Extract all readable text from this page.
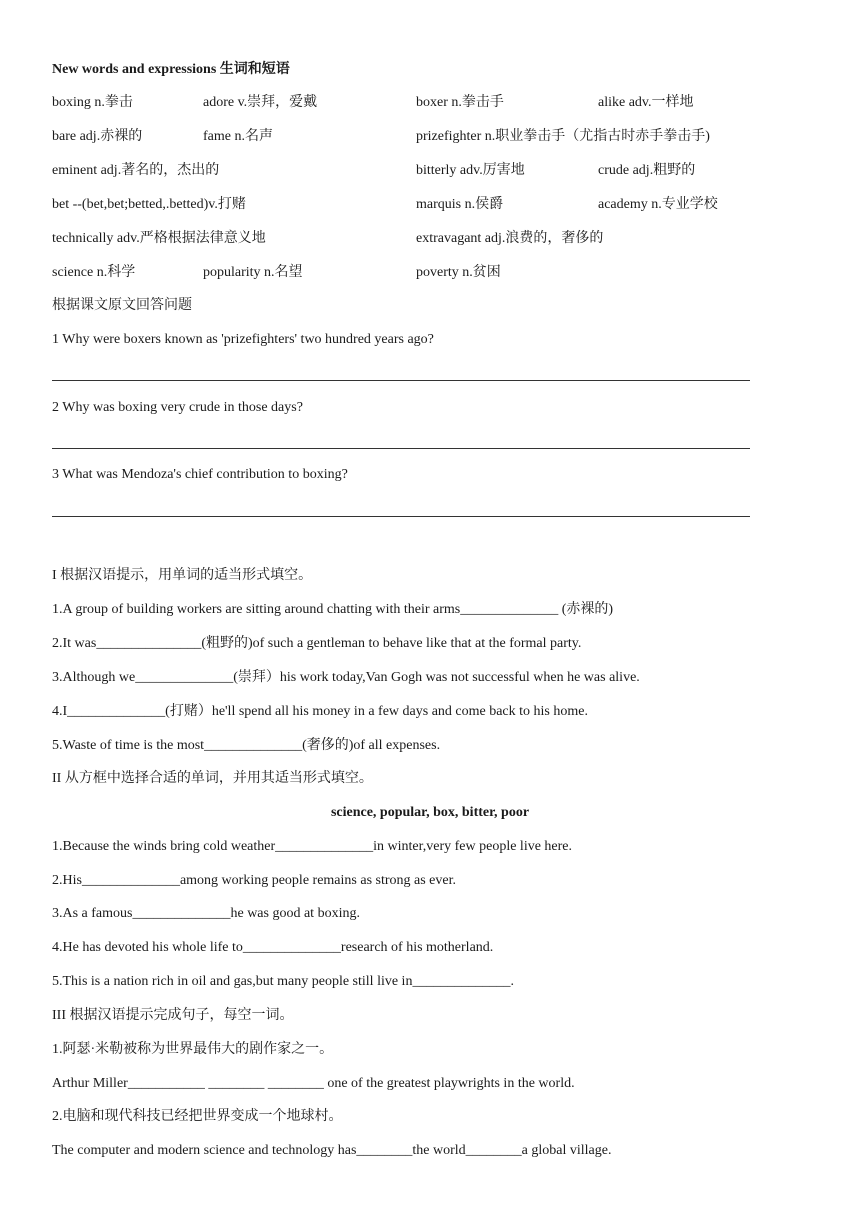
New words and expressions 生词和短语
boxing n.拳击	adore v.崇拜，爱戴	boxer n.拳击手	alike adv.一样地
bare adj.赤裸的	fame n.名声	prizefighter n.职业拳击手（尤指古时赤手拳击手)
eminent adj.著名的，杰出的	bitterly adv.厉害地	crude adj.粗野的
bet --(bet,bet;betted,.betted)v.打赌	marquis n.侯爵	academy n.专业学校
technically adv.严格根据法律意义地	extravagant adj.浪费的，奢侈的
science n.科学	popularity n.名望	poverty n.贫困
根据课文原文回答问题
1 Why were boxers known as 'prizefighters' two hundred years ago?
2 Why was boxing very crude in those days?
3 What was Mendoza's chief contribution to boxing?
I 根据汉语提示，用单词的适当形式填空。
1.A group of building workers are sitting around chatting with their arms______________ (赤裸的)
2.It was_______________(粗野的)of such a gentleman to behave like that at the formal party.
3.Although we______________(崇拜）his work today,Van Gogh was not successful when he was alive.
4.I______________(打赌）he'll spend all his money in a few days and come back to his home.
5.Waste of time is the most______________(奢侈的)of all expenses.
II 从方框中选择合适的单词，并用其适当形式填空。
science, popular, box, bitter, poor
1.Because the winds bring cold weather______________in winter,very few people live here.
2.His______________among working people remains as strong as ever.
3.As a famous______________he was good at boxing.
4.He has devoted his whole life to______________research of his motherland.
5.This is a nation rich in oil and gas,but many people still live in______________.
III 根据汉语提示完成句子，每空一词。
1.阿瑟·米勒被称为世界最伟大的剧作家之一。
Arthur Miller___________ ________ ________ one of the greatest playwrights in the world.
2.电脑和现代科技已经把世界变成一个地球村。
The computer and modern science and technology has________the world________a global village.
